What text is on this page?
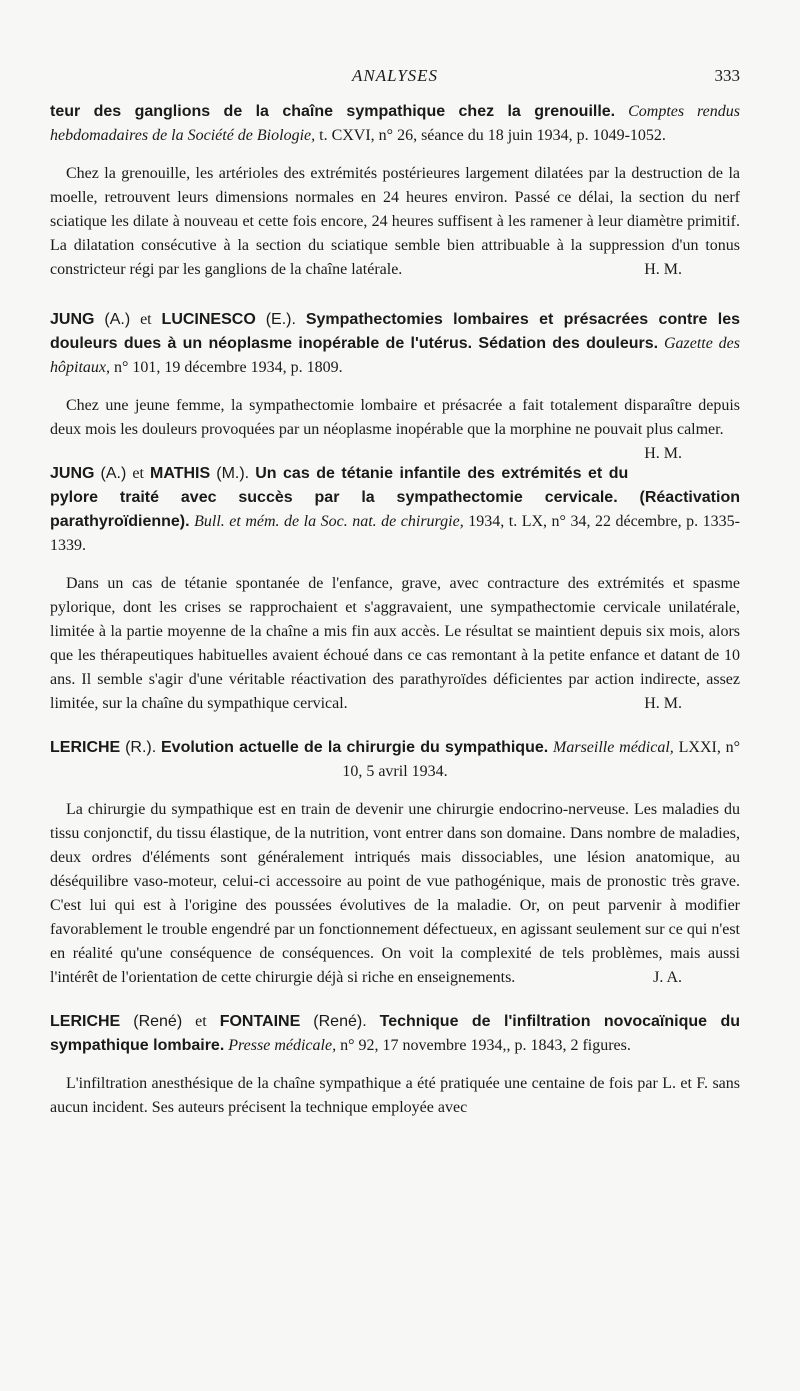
ANALYSES	333

teur des ganglions de la chaîne sympathique chez la grenouille. Comptes rendus hebdomadaires de la Société de Biologie, t. CXVI, n° 26, séance du 18 juin 1934, p. 1049-1052.

Chez la grenouille, les artérioles des extrémités postérieures largement dilatées par la destruction de la moelle, retrouvent leurs dimensions normales en 24 heures environ. Passé ce délai, la section du nerf sciatique les dilate à nouveau et cette fois encore, 24 heures suffisent à les ramener à leur diamètre primitif. La dilatation consécutive à la section du sciatique semble bien attribuable à la suppression d'un tonus constricteur régi par les ganglions de la chaîne latérale.	H. M.

JUNG (A.) et LUCINESCO (E.). Sympathectomies lombaires et présacrées contre les douleurs dues à un néoplasme inopérable de l'utérus. Sédation des douleurs. Gazette des hôpitaux, n° 101, 19 décembre 1934, p. 1809.

Chez une jeune femme, la sympathectomie lombaire et présacrée a fait totalement disparaître depuis deux mois les douleurs provoquées par un néoplasme inopérable que la morphine ne pouvait plus calmer.
H. M.

JUNG (A.) et MATHIS (M.). Un cas de tétanie infantile des extrémités et du pylore traité avec succès par la sympathectomie cervicale. (Réactivation parathyroïdienne). Bull. et mém. de la Soc. nat. de chirurgie, 1934, t. LX, n° 34, 22 décembre, p. 1335-1339.

Dans un cas de tétanie spontanée de l'enfance, grave, avec contracture des extrémités et spasme pylorique, dont les crises se rapprochaient et s'aggravaient, une sympathectomie cervicale unilatérale, limitée à la partie moyenne de la chaîne a mis fin aux accès. Le résultat se maintient depuis six mois, alors que les thérapeutiques habituelles avaient échoué dans ce cas remontant à la petite enfance et datant de 10 ans. Il semble s'agir d'une véritable réactivation des parathyroïdes déficientes par action indirecte, assez limitée, sur la chaîne du sympathique cervical.	H. M.

LERICHE (R.). Evolution actuelle de la chirurgie du sympathique. Marseille médical, LXXI, n° 10, 5 avril 1934.

La chirurgie du sympathique est en train de devenir une chirurgie endocrino-nerveuse. Les maladies du tissu conjonctif, du tissu élastique, de la nutrition, vont entrer dans son domaine. Dans nombre de maladies, deux ordres d'éléments sont généralement intriqués mais dissociables, une lésion anatomique, au déséquilibre vaso-moteur, celui-ci accessoire au point de vue pathogénique, mais de pronostic très grave. C'est lui qui est à l'origine des poussées évolutives de la maladie. Or, on peut parvenir à modifier favorablement le trouble engendré par un fonctionnement défectueux, en agissant seulement sur ce qui n'est en réalité qu'une conséquence de conséquences. On voit la complexité de tels problèmes, mais aussi l'intérêt de l'orientation de cette chirurgie déjà si riche en enseignements.	J. A.

LERICHE (René) et FONTAINE (René). Technique de l'infiltration novocaïnique du sympathique lombaire. Presse médicale, n° 92, 17 novembre 1934,, p. 1843, 2 figures.

L'infiltration anesthésique de la chaîne sympathique a été pratiquée une centaine de fois par L. et F. sans aucun incident. Ses auteurs précisent la technique employée avec
